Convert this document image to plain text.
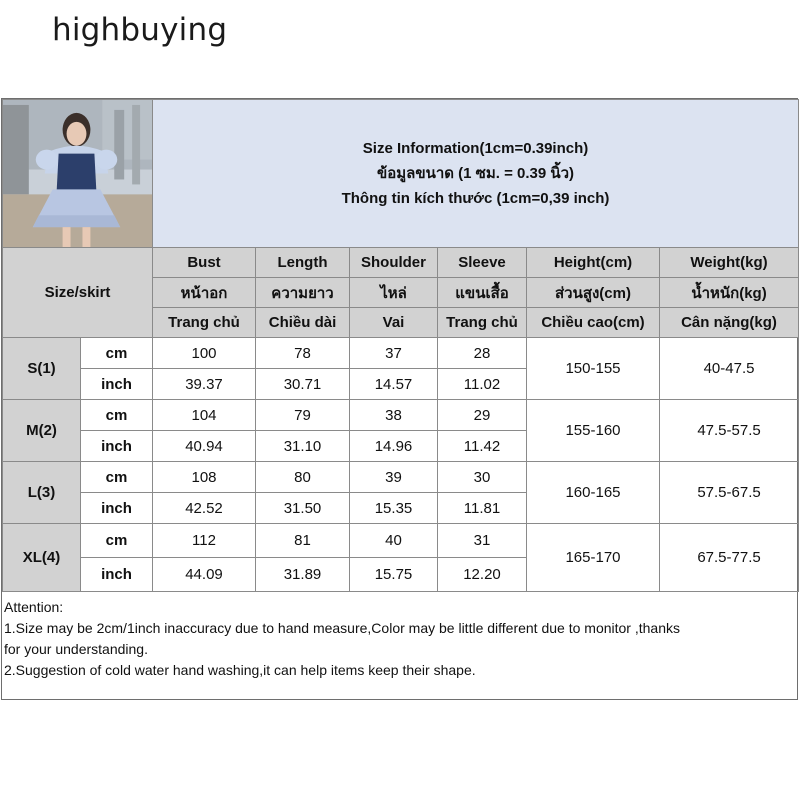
highbuying

Size Information(1cm=0.39inch)
ข้อมูลขนาด (1 ซม. = 0.39 นิ้ว)
Thông tin kích thước (1cm=0,39 inch)					

Size/skirt		Bust	Length	Shoulder	Sleeve	Height(cm)	Weight(kg)
		หน้าอก	ความยาว	ไหล่	แขนเสื้อ	ส่วนสูง(cm)	น้ำหนัก(kg)
		Trang chủ	Chiều dài	Vai	Trang chủ	Chiều cao(cm)	Cân nặng(kg)
S(1)	cm	100	78	37	28	150-155	40-47.5
	inch	39.37	30.71	14.57	11.02		
M(2)	cm	104	79	38	29	155-160	47.5-57.5
	inch	40.94	31.10	14.96	11.42		
L(3)	cm	108	80	39	30	160-165	57.5-67.5
	inch	42.52	31.50	15.35	11.81		
XL(4)	cm	112	81	40	31	165-170	67.5-77.5
	inch	44.09	31.89	15.75	12.20		
Attention:
1.Size may be 2cm/1inch inaccuracy due to hand measure,Color may be little different due to monitor ,thanks
for your understanding.
2.Suggestion of cold water hand washing,it can help items keep their shape.
